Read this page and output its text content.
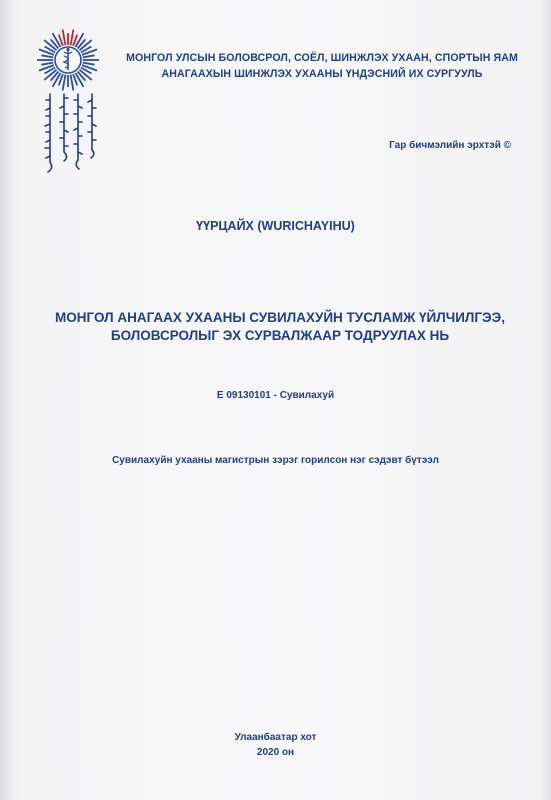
МОНГОЛ УЛСЫН БОЛОВСРОЛ, СОЁЛ, ШИНЖЛЭХ УХААН, СПОРТЫН ЯАМ
АНАГААХЫН ШИНЖЛЭХ УХААНЫ ҮНДЭСНИЙ ИХ СУРГУУЛЬ
Гар бичмэлийн эрхтэй ©
ҮҮРЦАЙХ (WURICHAYIHU)
МОНГОЛ АНАГААХ УХААНЫ СУВИЛАХУЙН ТУСЛАМЖ ҮЙЛЧИЛГЭЭ,
БОЛОВСРОЛЫГ ЭХ СУРВАЛЖААР ТОДРУУЛАХ НЬ
Е 09130101 - Сувилахуй
Сувилахуйн ухааны магистрын зэрэг горилсон нэг сэдэвт бүтээл
Улаанбаатар хот
2020 он
